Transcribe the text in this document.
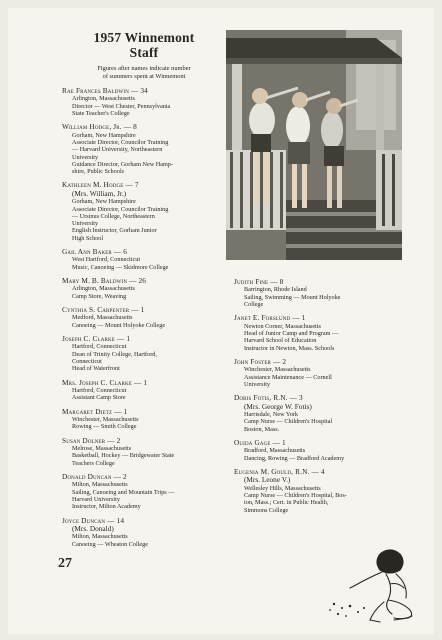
1957 Winnemont
Staff
Figures after names indicate number
of summers spent at Winnemont
Rae Frances Baldwin — 34
Arlington, Massachusetts
Director — West Chester, Pennsylvania
State Teacher's College
William Hodge, Jr. — 8
Gorham, New Hampshire
Associate Director, Councilor Training
— Harvard University, Northeastern
University
Guidance Director, Gorham New Hamp-
shire, Public Schools
Kathleen M. Hodge — 7
(Mrs. William, Jr.)
Gorham, New Hampshire
Associate Director, Councilor Training
— Ursinus College, Northeastern
University
English Instructor, Gorham Junior
High School
Gail Ann Baker — 6
West Hartford, Connecticut
Music, Canoeing — Skidmore College
Mary M. B. Baldwin — 26
Arlington, Massachusetts
Camp Store, Weaving
Cynthia S. Carpenter — 1
Medford, Massachusetts
Canoeing — Mount Holyoke College
Joseph C. Clarke — 1
Hartford, Connecticut
Dean of Trinity College, Hartford,
Connecticut
Head of Waterfront
Mrs. Joseph C. Clarke — 1
Hartford, Connecticut
Assistant Camp Store
Margaret Dietz — 1
Winchester, Massachusetts
Rowing — Smith College
Susan Dolner — 2
Melrose, Massachusetts
Basketball, Hockey — Bridgewater State
Teachers College
Donald Duncan — 2
Milton, Massachusetts
Sailing, Canoeing and Mountain Trips —
Harvard University
Instructor, Milton Academy
Joyce Duncan — 14
(Mrs. Donald)
Milton, Massachusetts
Canoeing — Wheaton College
Judith Fine — 8
Barrington, Rhode Island
Sailing, Swimming — Mount Holyoke
College
Janet E. Forslund — 1
Newton Corner, Massachusetts
Head of Junior Camp and Program —
Harvard School of Education
Instructor in Newton, Mass. Schools
John Foster — 2
Winchester, Massachusetts
Assistance Maintenance — Cornell
University
Doris Fotis, R.N. — 3
(Mrs. George W. Fotis)
Harrisdale, New York
Camp Nurse — Children's Hospital
Boston, Mass.
Ouida Gage — 1
Bradford, Massachusetts
Dancing, Rowing — Bradford Academy
Eugenia M. Gould, R.N. — 4
(Mrs. Leone V.)
Wellesley Hills, Massachusetts
Camp Nurse — Children's Hospital, Bos-
ton, Mass.; Cert. in Public Health,
Simmons College
27
